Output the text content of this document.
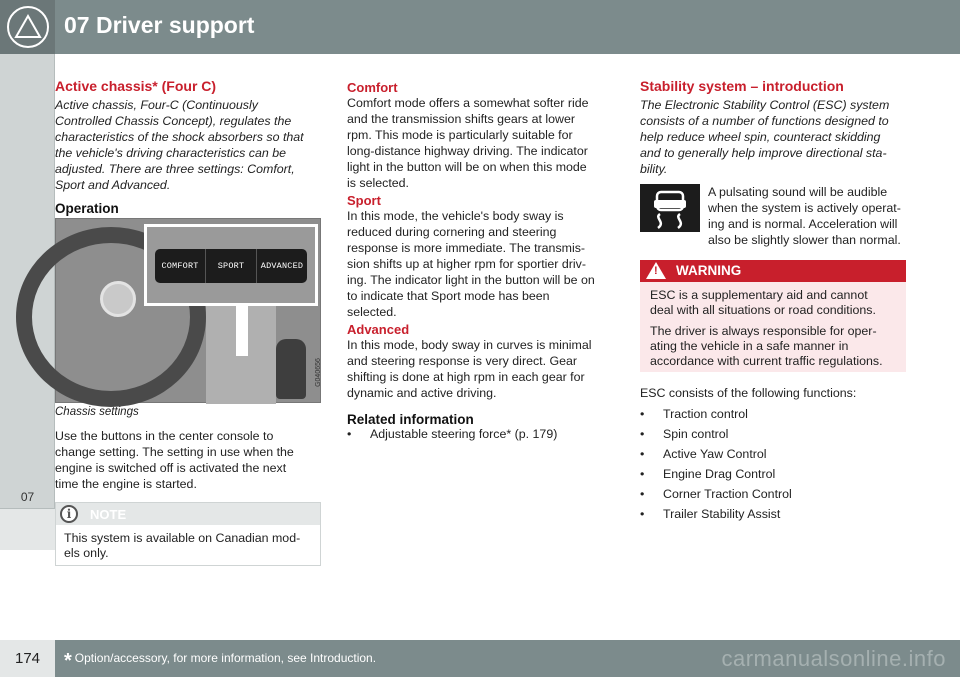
07 Driver support
07
Active chassis* (Four C)
Active chassis, Four-C (Continuously
Controlled Chassis Concept), regulates the
characteristics of the shock absorbers so that
the vehicle's driving characteristics can be
adjusted. There are three settings: Comfort,
Sport and Advanced.
Operation
COMFORT	SPORT	ADVANCED
G040656
Chassis settings
Use the buttons in the center console to
change setting. The setting in use when the
engine is switched off is activated the next
time the engine is started.
i	NOTE
This system is available on Canadian mod-
els only.
Comfort
Comfort mode offers a somewhat softer ride
and the transmission shifts gears at lower
rpm. This mode is particularly suitable for
long-distance highway driving. The indicator
light in the button will be on when this mode
is selected.
Sport
In this mode, the vehicle's body sway is
reduced during cornering and steering
response is more immediate. The transmis-
sion shifts up at higher rpm for sportier driv-
ing. The indicator light in the button will be on
to indicate that Sport mode has been
selected.
Advanced
In this mode, body sway in curves is minimal
and steering response is very direct. Gear
shifting is done at high rpm in each gear for
dynamic and active driving.
Related information
• Adjustable steering force* (p. 179)
Stability system – introduction
The Electronic Stability Control (ESC) system
consists of a number of functions designed to
help reduce wheel spin, counteract skidding
and to generally help improve directional sta-
bility.
A pulsating sound will be audible
when the system is actively operat-
ing and is normal. Acceleration will
also be slightly slower than normal.
! WARNING
ESC is a supplementary aid and cannot
deal with all situations or road conditions.
The driver is always responsible for oper-
ating the vehicle in a safe manner in
accordance with current traffic regulations.
ESC consists of the following functions:
• Traction control
• Spin control
• Active Yaw Control
• Engine Drag Control
• Corner Traction Control
• Trailer Stability Assist
174	* Option/accessory, for more information, see Introduction.	carmanualsonline.info
